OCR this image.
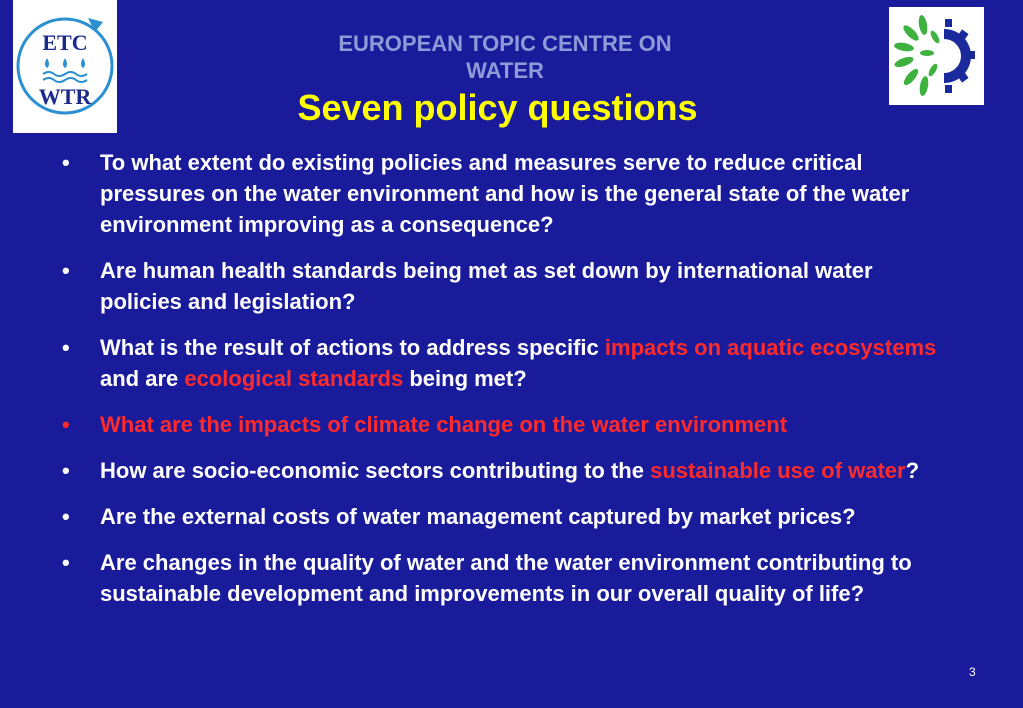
ETC
WTR
EUROPEAN TOPIC CENTRE ON
WATER
Seven policy questions
• To what extent do existing policies and measures serve to reduce critical pressures on the water environment and how is the general state of the water environment improving as a consequence?
• Are human health standards being met as set down by international water policies and legislation?
• What is the result of actions to address specific impacts on aquatic ecosystems and are ecological standards being met?
• What are the impacts of climate change on the water environment
• How are socio-economic sectors contributing to the sustainable use of water?
• Are the external costs of water management captured by market prices?
• Are changes in the quality of water and the water environment contributing to sustainable development and improvements in our overall quality of life?
3
